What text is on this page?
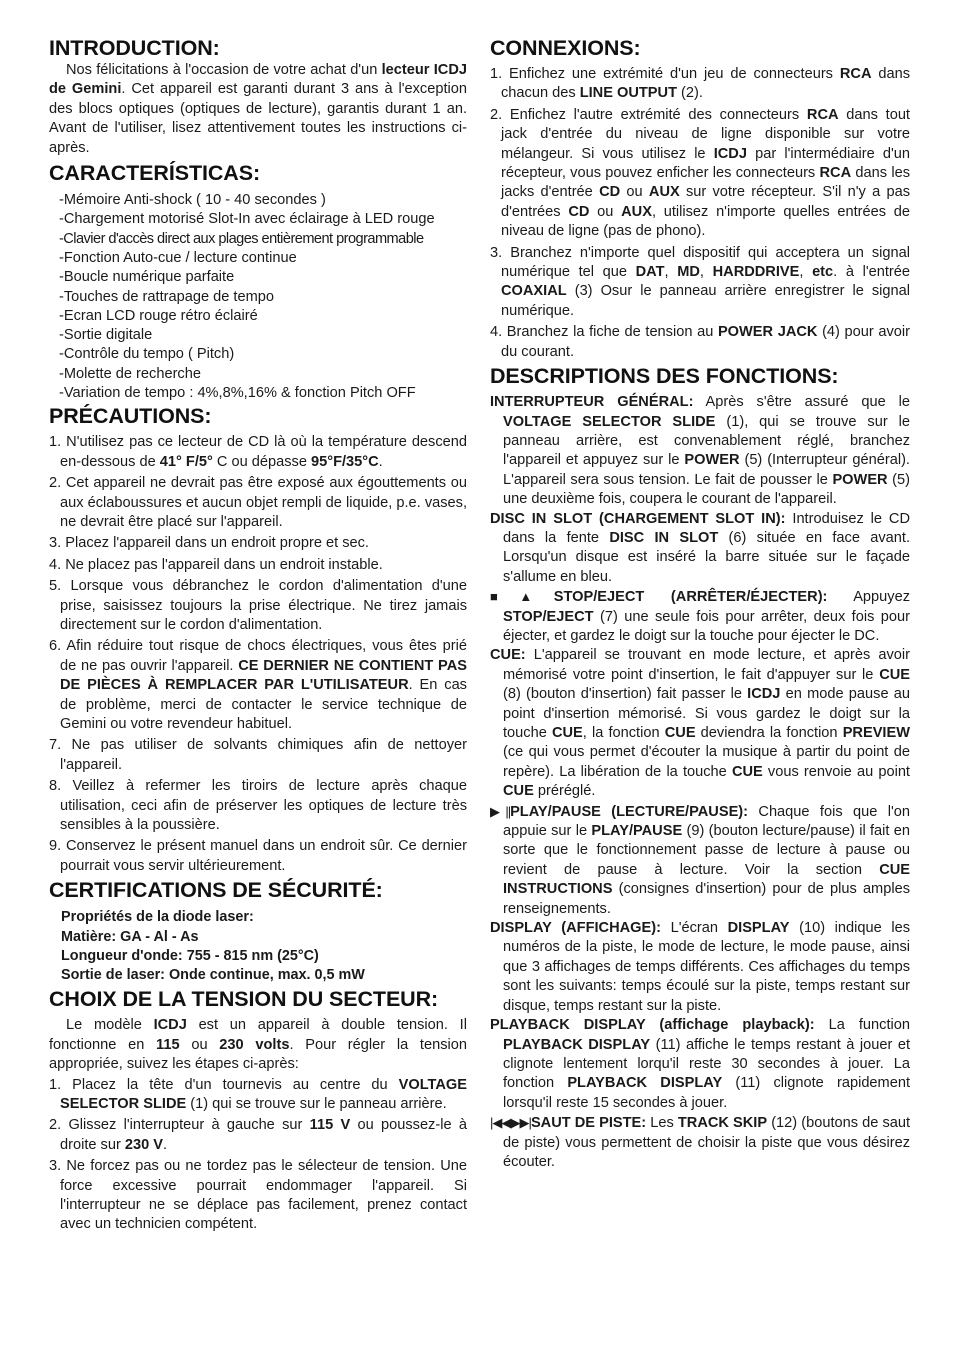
INTRODUCTION:

Nos félicitations à l'occasion de votre achat d'un lecteur ICDJ de Gemini. Cet appareil est garanti durant 3 ans à l'exception des blocs optiques (optiques de lecture), garantis durant 1 an. Avant de l'utiliser, lisez attentivement toutes les instructions ci-après.

CARACTERÍSTICAS:
-Mémoire Anti-shock ( 10 - 40 secondes )
-Chargement motorisé Slot-In avec éclairage à LED rouge
-Clavier d'accès direct aux plages entièrement programmable
-Fonction Auto-cue / lecture continue
-Boucle numérique parfaite
-Touches de rattrapage de tempo
-Ecran LCD rouge rétro éclairé
-Sortie digitale
-Contrôle du tempo ( Pitch)
-Molette de recherche
-Variation de tempo : 4%,8%,16% & fonction Pitch OFF
PRÉCAUTIONS:
1. N'utilisez pas ce lecteur de CD là où la température descend en-dessous de 41° F/5° C ou dépasse 95°F/35°C.
2. Cet appareil ne devrait pas être exposé aux égouttements ou aux éclaboussures et aucun objet rempli de liquide, p.e. vases, ne devrait être placé sur l'appareil.
3. Placez l'appareil dans un endroit propre et sec.
4. Ne placez pas l'appareil dans un endroit instable.
5. Lorsque vous débranchez le cordon d'alimentation d'une prise, saisissez toujours la prise électrique. Ne tirez jamais directement sur le cordon d'alimentation.
6. Afin réduire tout risque de chocs électriques, vous êtes prié de ne pas ouvrir l'appareil. CE DERNIER NE CONTIENT PAS DE PIÈCES À REMPLACER PAR L'UTILISATEUR. En cas de problème, merci de contacter le service technique de Gemini ou votre revendeur habituel.
7. Ne pas utiliser de solvants chimiques afin de nettoyer l'appareil.
8. Veillez à refermer les tiroirs de lecture après chaque utilisation, ceci afin de préserver les optiques de lecture très sensibles à la poussière.
9. Conservez le présent manuel dans un endroit sûr. Ce dernier pourrait vous servir ultérieurement.
CERTIFICATIONS DE SÉCURITÉ:
Propriétés de la diode laser:
Matière: GA - Al - As
Longueur d'onde: 755 - 815 nm (25°C)
Sortie de laser: Onde continue, max. 0,5 mW
CHOIX DE LA TENSION DU SECTEUR:

Le modèle ICDJ est un appareil à double tension. Il fonctionne en 115 ou 230 volts. Pour régler la tension appropriée, suivez les étapes ci-après:

1. Placez la tête d'un tournevis au centre du VOLTAGE SELECTOR SLIDE (1) qui se trouve sur le panneau arrière.
2. Glissez l'interrupteur à gauche sur 115 V ou poussez-le à droite sur 230 V.
3. Ne forcez pas ou ne tordez pas le sélecteur de tension. Une force excessive pourrait endommager l'appareil. Si l'interrupteur ne se déplace pas facilement, prenez contact avec un technicien compétent.
CONNEXIONS:
1. Enfichez une extrémité d'un jeu de connecteurs RCA dans chacun des LINE OUTPUT (2).
2. Enfichez l'autre extrémité des connecteurs RCA dans tout jack d'entrée du niveau de ligne disponible sur votre mélangeur. Si vous utilisez le ICDJ par l'intermédiaire d'un récepteur, vous pouvez enficher les connecteurs RCA dans les jacks d'entrée CD ou AUX sur votre récepteur. S'il n'y a pas d'entrées CD ou AUX, utilisez n'importe quelles entrées de niveau de ligne (pas de phono).
3. Branchez n'importe quel dispositif qui acceptera un signal numérique tel que DAT, MD, HARDDRIVE, etc. à l'entrée COAXIAL (3) Osur le panneau arrière enregistrer le signal numérique.
4. Branchez la fiche de tension au POWER JACK (4) pour avoir du courant.
DESCRIPTIONS DES FONCTIONS:
INTERRUPTEUR GÉNÉRAL: Après s'être assuré que le VOLTAGE SELECTOR SLIDE (1), qui se trouve sur le panneau arrière, est convenablement réglé, branchez l'appareil et appuyez sur le POWER (5) (Interrupteur général). L'appareil sera sous tension. Le fait de pousser le POWER (5) une deuxième fois, coupera le courant de l'appareil.
DISC IN SLOT (CHARGEMENT SLOT IN): Introduisez le CD dans la fente DISC IN SLOT (6) située en face avant. Lorsqu'un disque est inséré la barre située sur le façade s'allume en bleu.
■▲STOP/EJECT (ARRÊTER/ÉJECTER): Appuyez STOP/EJECT (7) une seule fois pour arrêter, deux fois pour éjecter, et gardez le doigt sur la touche pour éjecter le DC.
CUE: L'appareil se trouvant en mode lecture, et après avoir mémorisé votre point d'insertion, le fait d'appuyer sur le CUE (8) (bouton d'insertion) fait passer le ICDJ en mode pause au point d'insertion mémorisé. Si vous gardez le doigt sur la touche CUE, la fonction CUE deviendra la fonction PREVIEW (ce qui vous permet d'écouter la musique à partir du point de repère). La libération de la touche CUE vous renvoie au point CUE préréglé.
▶||PLAY/PAUSE (LECTURE/PAUSE): Chaque fois que l'on appuie sur le PLAY/PAUSE (9) (bouton lecture/pause) il fait en sorte que le fonctionnement passe de lecture à pause ou revient de pause à lecture. Voir la section CUE INSTRUCTIONS (consignes d'insertion) pour de plus amples renseignements.
DISPLAY (AFFICHAGE): L'écran DISPLAY (10) indique les numéros de la piste, le mode de lecture, le mode pause, ainsi que 3 affichages de temps différents. Ces affichages du temps sont les suivants: temps écoulé sur la piste, temps restant sur disque, temps restant sur la piste.
PLAYBACK DISPLAY (affichage playback): La function PLAYBACK DISPLAY (11) affiche le temps restant à jouer et clignote lentement lorqu'il reste 30 secondes à jouer. La fonction PLAYBACK DISPLAY (11) clignote rapidement lorsqu'il reste 15 secondes à jouer.
|◀◀▶▶|SAUT DE PISTE: Les TRACK SKIP (12) (boutons de saut de piste) vous permettent de choisir la piste que vous désirez écouter.
